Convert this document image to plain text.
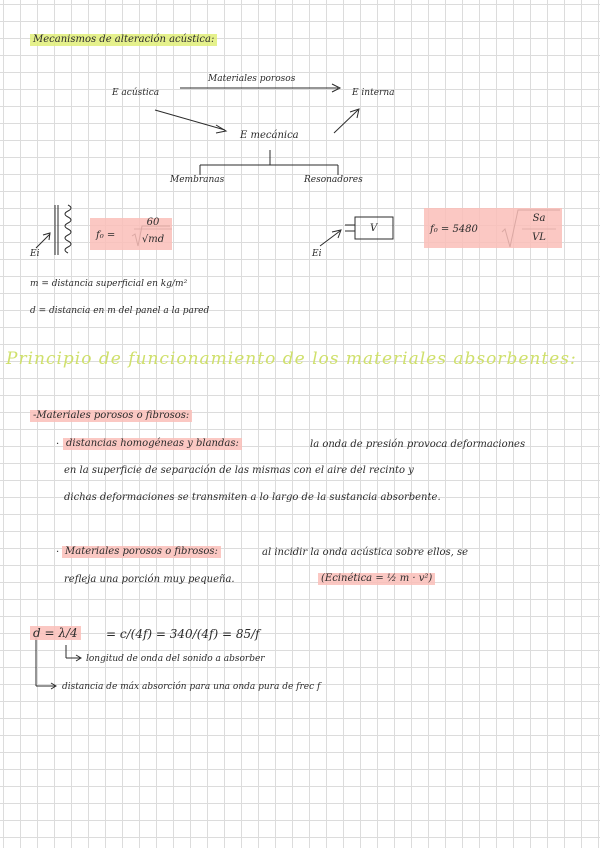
Mecanismos de alteración acústica:
Materiales porosos
E acústica	E interna
E mecánica
Membranas	Resonadores
f₀ =
60
√md
Ei	Ei
V	f₀ = 5480
Sa
VL
m = distancia superficial en kg/m²
d = distancia en m del panel a la pared
Principio de funcionamiento de los materiales absorbentes:
-Materiales porosos o fibrosos:
· distancias homogéneas y blandas:	la onda de presión provoca deformaciones
en la superficie de separación de las mismas con el aire del recinto y
dichas deformaciones se transmiten a lo largo de la sustancia absorbente.
· Materiales porosos o fibrosos:	al incidir la onda acústica sobre ellos, se
refleja una porción muy pequeña.	(Ecinética = ½ m · v²)
d = λ/4 = c/(4f) = 340/(4f) = 85/f
longitud de onda del sonido a absorber
distancia de máx absorción para una onda pura de frec f
